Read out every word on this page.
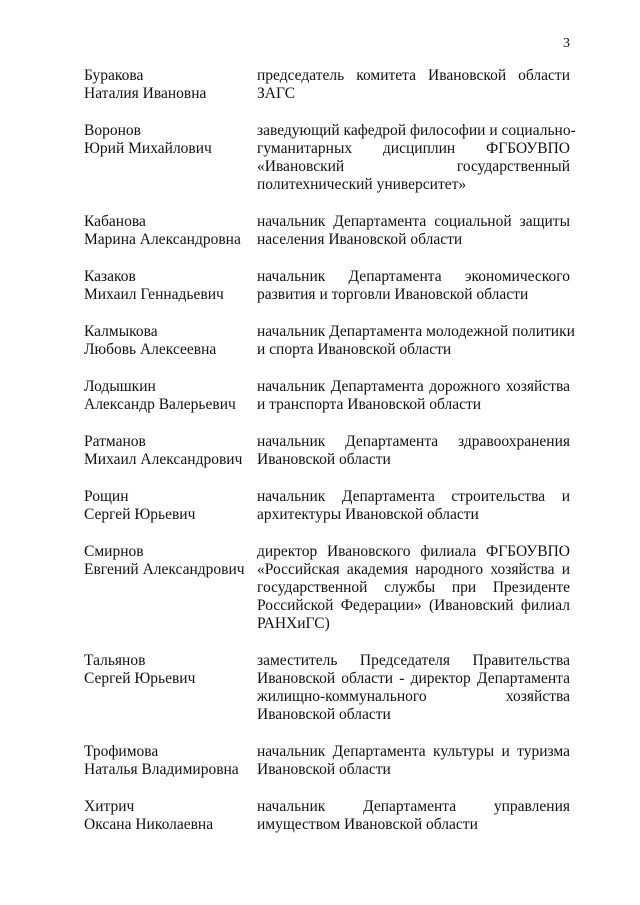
3
Буракова
Наталия Ивановна
председатель комитета Ивановской области
ЗАГС
Воронов
Юрий Михайлович
заведующий кафедрой философии и социально-
гуманитарных дисциплин ФГБОУВПО
«Ивановский государственный
политехнический университет»
Кабанова
Марина Александровна
начальник Департамента социальной защиты
населения Ивановской области
Казаков
Михаил Геннадьевич
начальник Департамента экономического
развития и торговли Ивановской области
Калмыкова
Любовь Алексеевна
начальник Департамента молодежной политики
и спорта Ивановской области
Лодышкин
Александр Валерьевич
начальник Департамента дорожного хозяйства
и транспорта Ивановской области
Ратманов
Михаил Александрович
начальник Департамента здравоохранения
Ивановской области
Рощин
Сергей Юрьевич
начальник Департамента строительства и
архитектуры Ивановской области
Смирнов
Евгений Александрович
директор Ивановского филиала ФГБОУВПО
«Российская академия народного хозяйства и
государственной службы при Президенте
Российской Федерации» (Ивановский филиал
РАНХиГС)
Тальянов
Сергей Юрьевич
заместитель Председателя Правительства
Ивановской области - директор Департамента
жилищно-коммунального хозяйства
Ивановской области
Трофимова
Наталья Владимировна
начальник Департамента культуры и туризма
Ивановской области
Хитрич
Оксана Николаевна
начальник Департамента управления
имуществом Ивановской области
